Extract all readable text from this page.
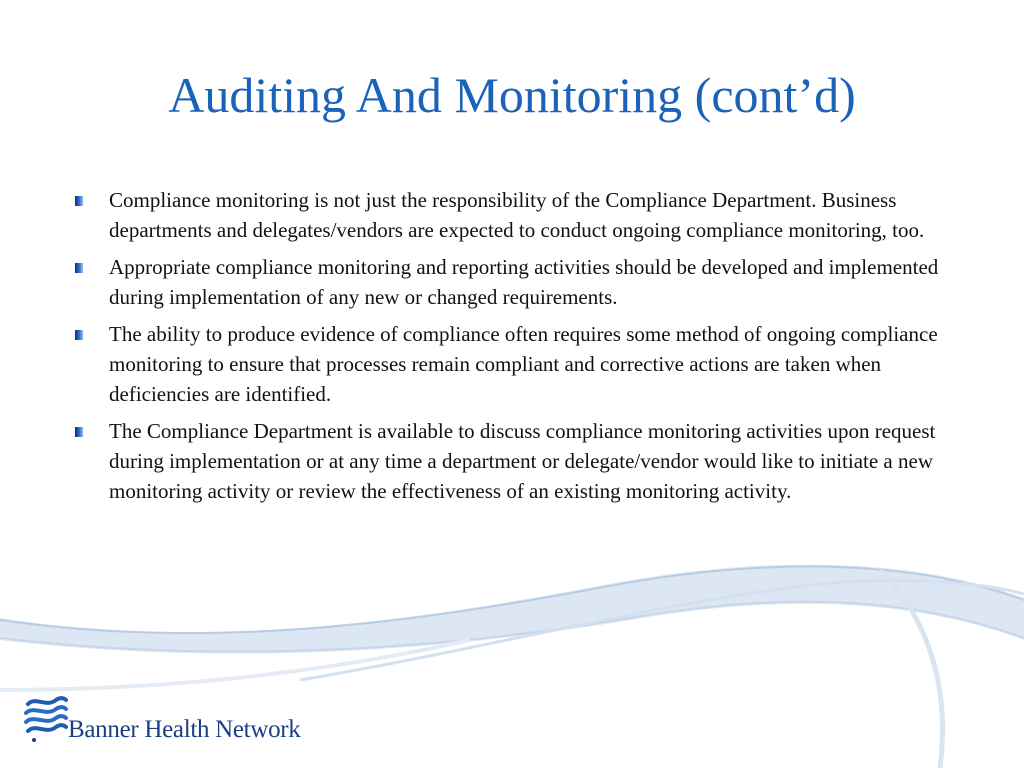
Auditing And Monitoring (cont’d)
Compliance monitoring is not just the responsibility of the Compliance Department. Business departments and delegates/vendors are expected to conduct ongoing compliance monitoring, too.
Appropriate compliance monitoring and reporting activities should be developed and implemented during implementation of any new or changed requirements.
The ability to produce evidence of compliance often requires some method of ongoing compliance monitoring to ensure that processes remain compliant and corrective actions are taken when deficiencies are identified.
The Compliance Department is available to discuss compliance monitoring activities upon request during implementation or at any time a department or delegate/vendor would like to initiate a new monitoring activity or review the effectiveness of an existing monitoring activity.
Banner Health Network
